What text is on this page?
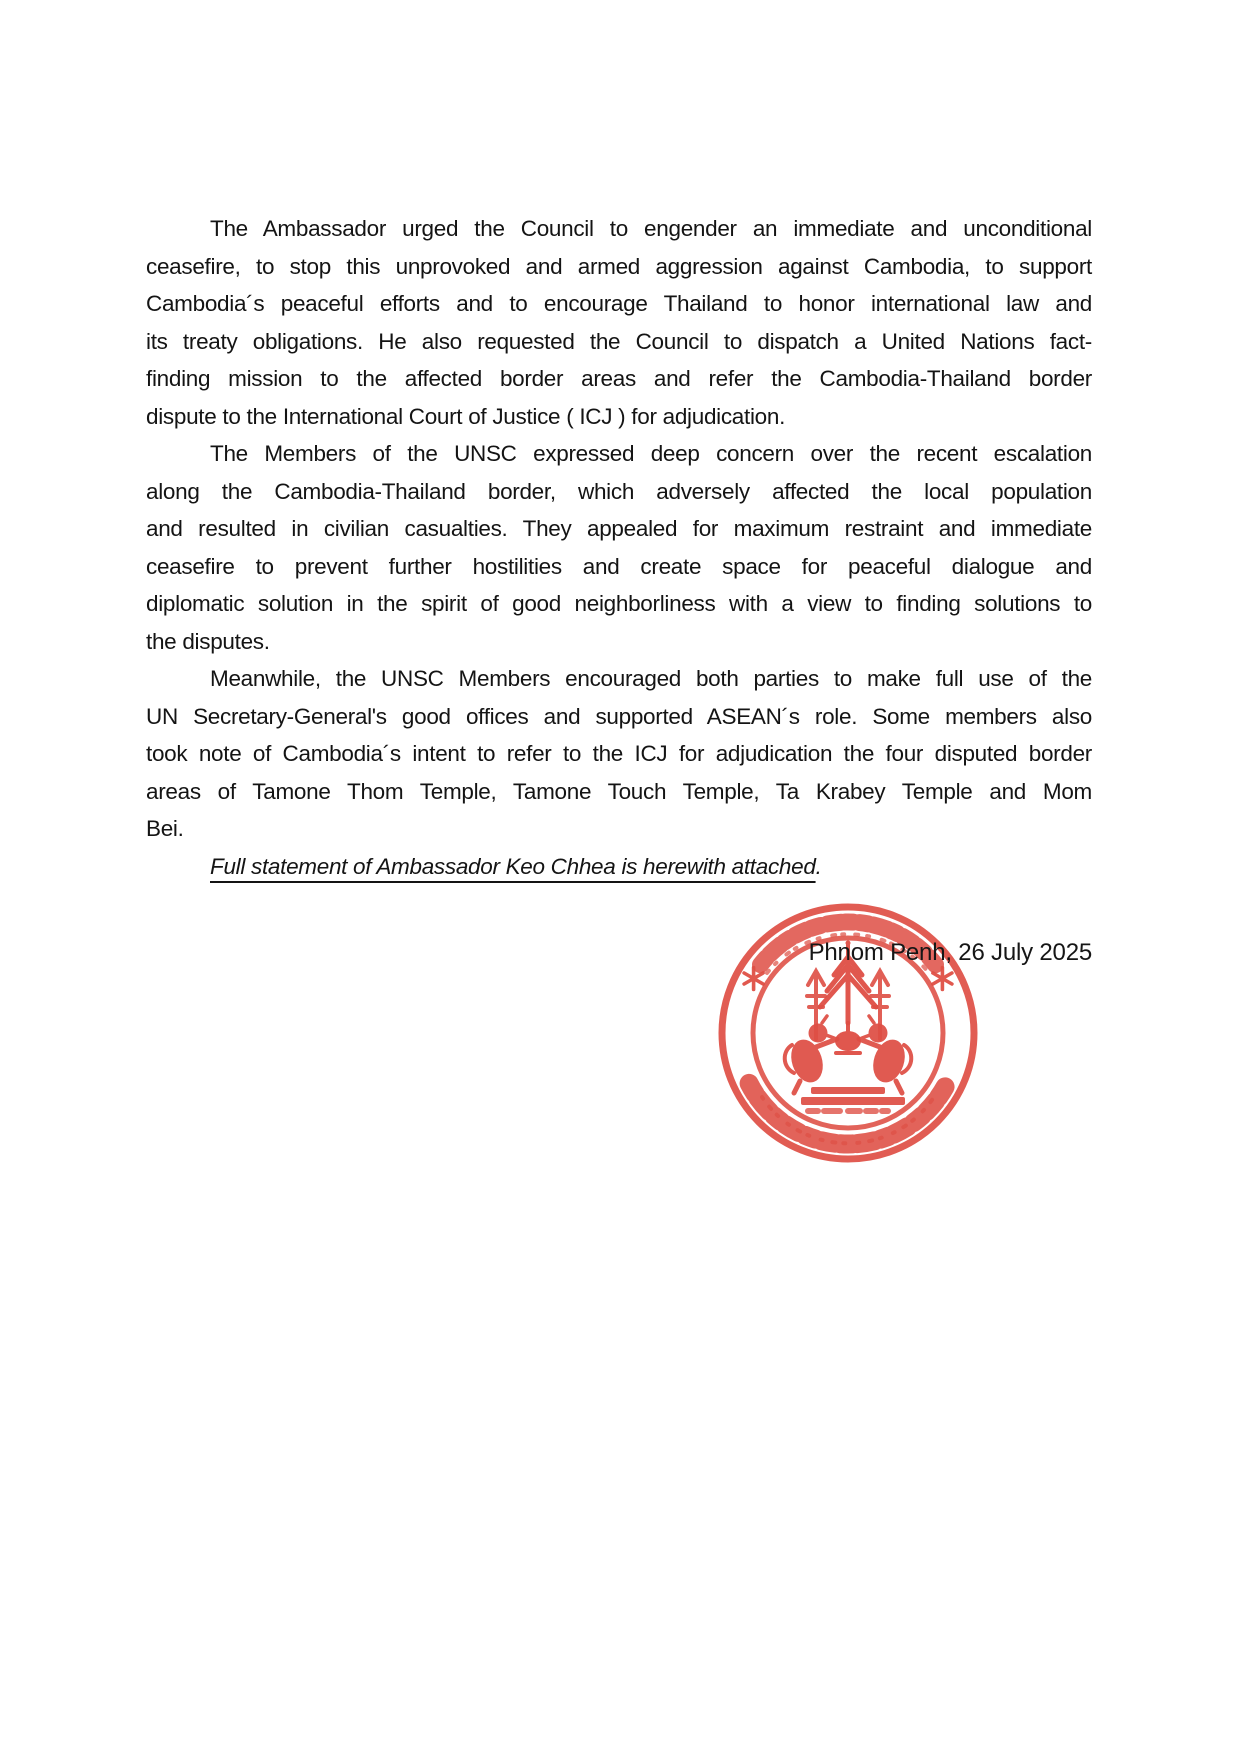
The Ambassador urged the Council to engender an immediate and unconditional
ceasefire, to stop this unprovoked and armed aggression against Cambodia, to support
Cambodia´s peaceful efforts and to encourage Thailand to honor international law and
its treaty obligations. He also requested the Council to dispatch a United Nations fact-
finding mission to the affected border areas and refer the Cambodia-Thailand border
dispute to the International Court of Justice ( ICJ ) for adjudication.
The Members of the UNSC expressed deep concern over the recent escalation
along the Cambodia-Thailand border, which adversely affected the local population
and resulted in civilian casualties. They appealed for maximum restraint and immediate
ceasefire to prevent further hostilities and create space for peaceful dialogue and
diplomatic solution in the spirit of good neighborliness with a view to finding solutions to
the disputes.
Meanwhile, the UNSC Members encouraged both parties to make full use of the
UN Secretary-General's good offices and supported ASEAN´s role. Some members also
took note of Cambodia´s intent to refer to the ICJ for adjudication the four disputed border
areas of Tamone Thom Temple, Tamone Touch Temple, Ta Krabey Temple and Mom
Bei.
Full statement of Ambassador Keo Chhea is herewith attached.
Phnom Penh, 26 July 2025
